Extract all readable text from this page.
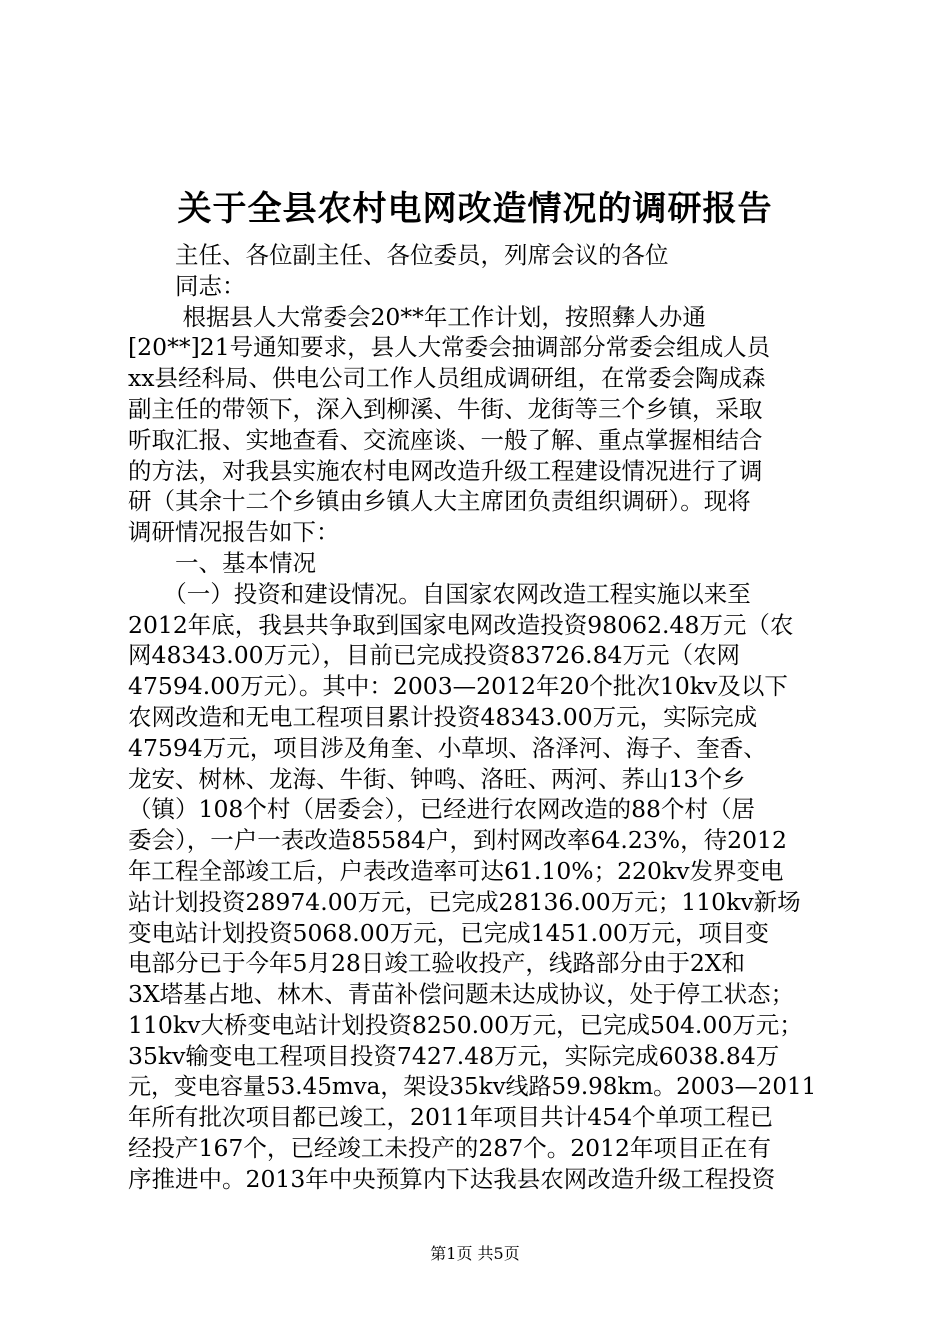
关于全县农村电网改造情况的调研报告
　　主任、各位副主任、各位委员，列席会议的各位
　　同志：
　　 根据县人大常委会20**年工作计划，按照彝人办通
[20**]21号通知要求，县人大常委会抽调部分常委会组成人员
xx县经科局、供电公司工作人员组成调研组，在常委会陶成森
副主任的带领下，深入到柳溪、牛街、龙街等三个乡镇，采取
听取汇报、实地查看、交流座谈、一般了解、重点掌握相结合
的方法，对我县实施农村电网改造升级工程建设情况进行了调
研（其余十二个乡镇由乡镇人大主席团负责组织调研）。现将
调研情况报告如下：
　　一、基本情况
　　（一）投资和建设情况。自国家农网改造工程实施以来至
2012年底，我县共争取到国家电网改造投资98062.48万元（农
网48343.00万元），目前已完成投资83726.84万元（农网
47594.00万元）。其中：2003—2012年20个批次10kv及以下
农网改造和无电工程项目累计投资48343.00万元，实际完成
47594万元，项目涉及角奎、小草坝、洛泽河、海子、奎香、
龙安、树林、龙海、牛街、钟鸣、洛旺、两河、荞山13个乡
（镇）108个村（居委会），已经进行农网改造的88个村（居
委会），一户一表改造85584户，到村网改率64.23%，待2012
年工程全部竣工后，户表改造率可达61.10%；220kv发界变电
站计划投资28974.00万元，已完成28136.00万元；110kv新场
变电站计划投资5068.00万元，已完成1451.00万元，项目变
电部分已于今年5月28日竣工验收投产，线路部分由于2X和
3X塔基占地、林木、青苗补偿问题未达成协议，处于停工状态；
110kv大桥变电站计划投资8250.00万元，已完成504.00万元；
35kv输变电工程项目投资7427.48万元，实际完成6038.84万
元，变电容量53.45mva，架设35kv线路59.98km。2003—2011
年所有批次项目都已竣工，2011年项目共计454个单项工程已
经投产167个，已经竣工未投产的287个。2012年项目正在有
序推进中。2013年中央预算内下达我县农网改造升级工程投资
第1页 共5页
